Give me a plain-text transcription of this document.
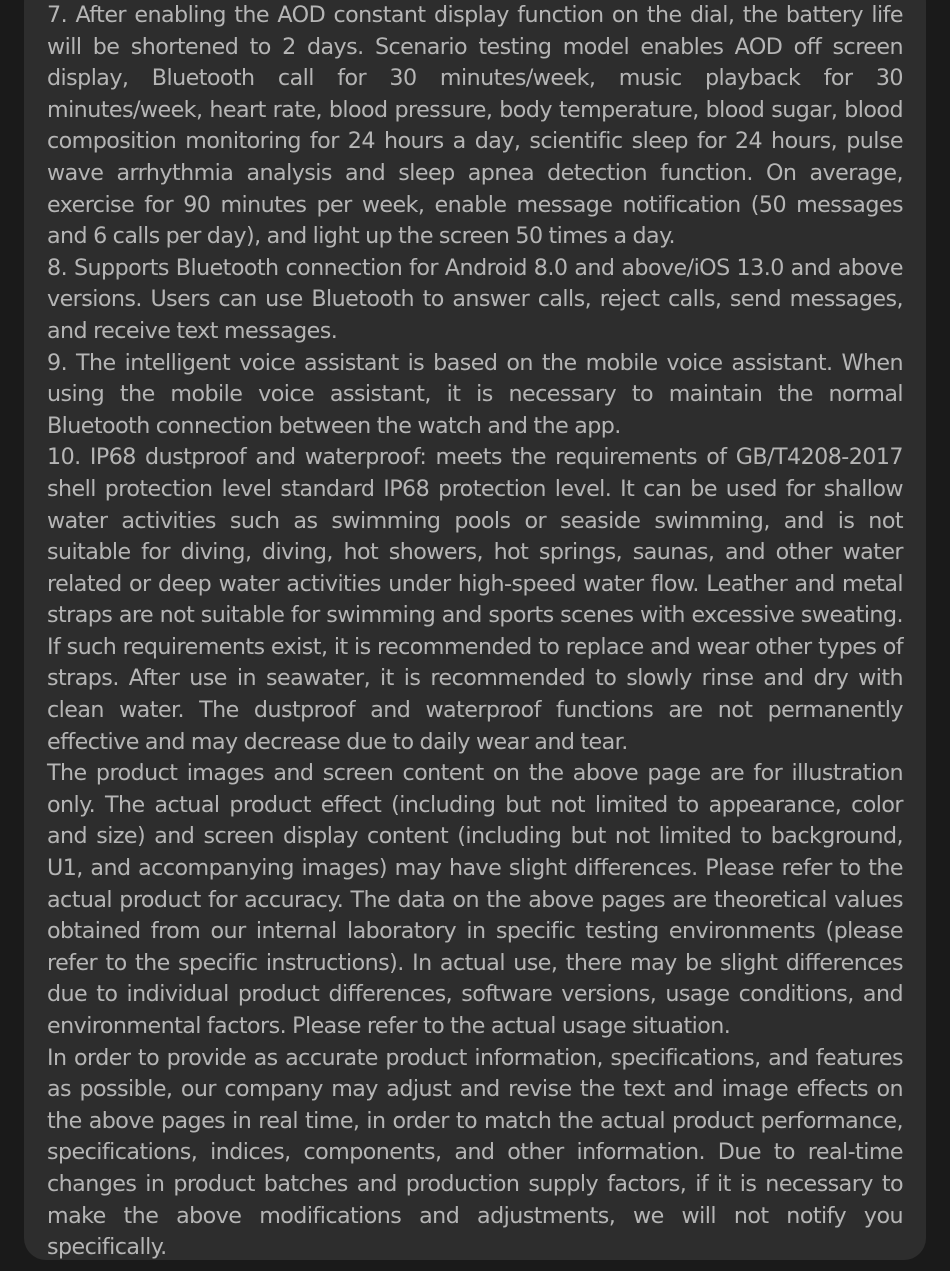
7. After enabling the AOD constant display function on the dial, the battery life will be shortened to 2 days. Scenario testing model enables AOD off screen display, Bluetooth call for 30 minutes/week, music playback for 30 minutes/week, heart rate, blood pressure, body temperature, blood sugar, blood composition monitoring for 24 hours a day, scientific sleep for 24 hours, pulse wave arrhythmia analysis and sleep apnea detection function. On average, exercise for 90 minutes per week, enable message notification (50 messages and 6 calls per day), and light up the screen 50 times a day.

8. Supports Bluetooth connection for Android 8.0 and above/iOS 13.0 and above versions. Users can use Bluetooth to answer calls, reject calls, send messages, and receive text messages.

9. The intelligent voice assistant is based on the mobile voice assistant. When using the mobile voice assistant, it is necessary to maintain the normal Bluetooth connection between the watch and the app.

10. IP68 dustproof and waterproof: meets the requirements of GB/T4208-2017 shell protection level standard IP68 protection level. It can be used for shallow water activities such as swimming pools or seaside swimming, and is not suitable for diving, diving, hot showers, hot springs, saunas, and other water related or deep water activities under high-speed water flow. Leather and metal straps are not suitable for swimming and sports scenes with excessive sweating. If such requirements exist, it is recommended to replace and wear other types of straps. After use in seawater, it is recommended to slowly rinse and dry with clean water. The dustproof and waterproof functions are not permanently effective and may decrease due to daily wear and tear.

The product images and screen content on the above page are for illustration only. The actual product effect (including but not limited to appearance, color and size) and screen display content (including but not limited to background, U1, and accompanying images) may have slight differences. Please refer to the actual product for accuracy. The data on the above pages are theoretical values obtained from our internal laboratory in specific testing environments (please refer to the specific instructions). In actual use, there may be slight differences due to individual product differences, software versions, usage conditions, and environmental factors. Please refer to the actual usage situation.

In order to provide as accurate product information, specifications, and features as possible, our company may adjust and revise the text and image effects on the above pages in real time, in order to match the actual product performance, specifications, indices, components, and other information. Due to real-time changes in product batches and production supply factors, if it is necessary to make the above modifications and adjustments, we will not notify you specifically.
